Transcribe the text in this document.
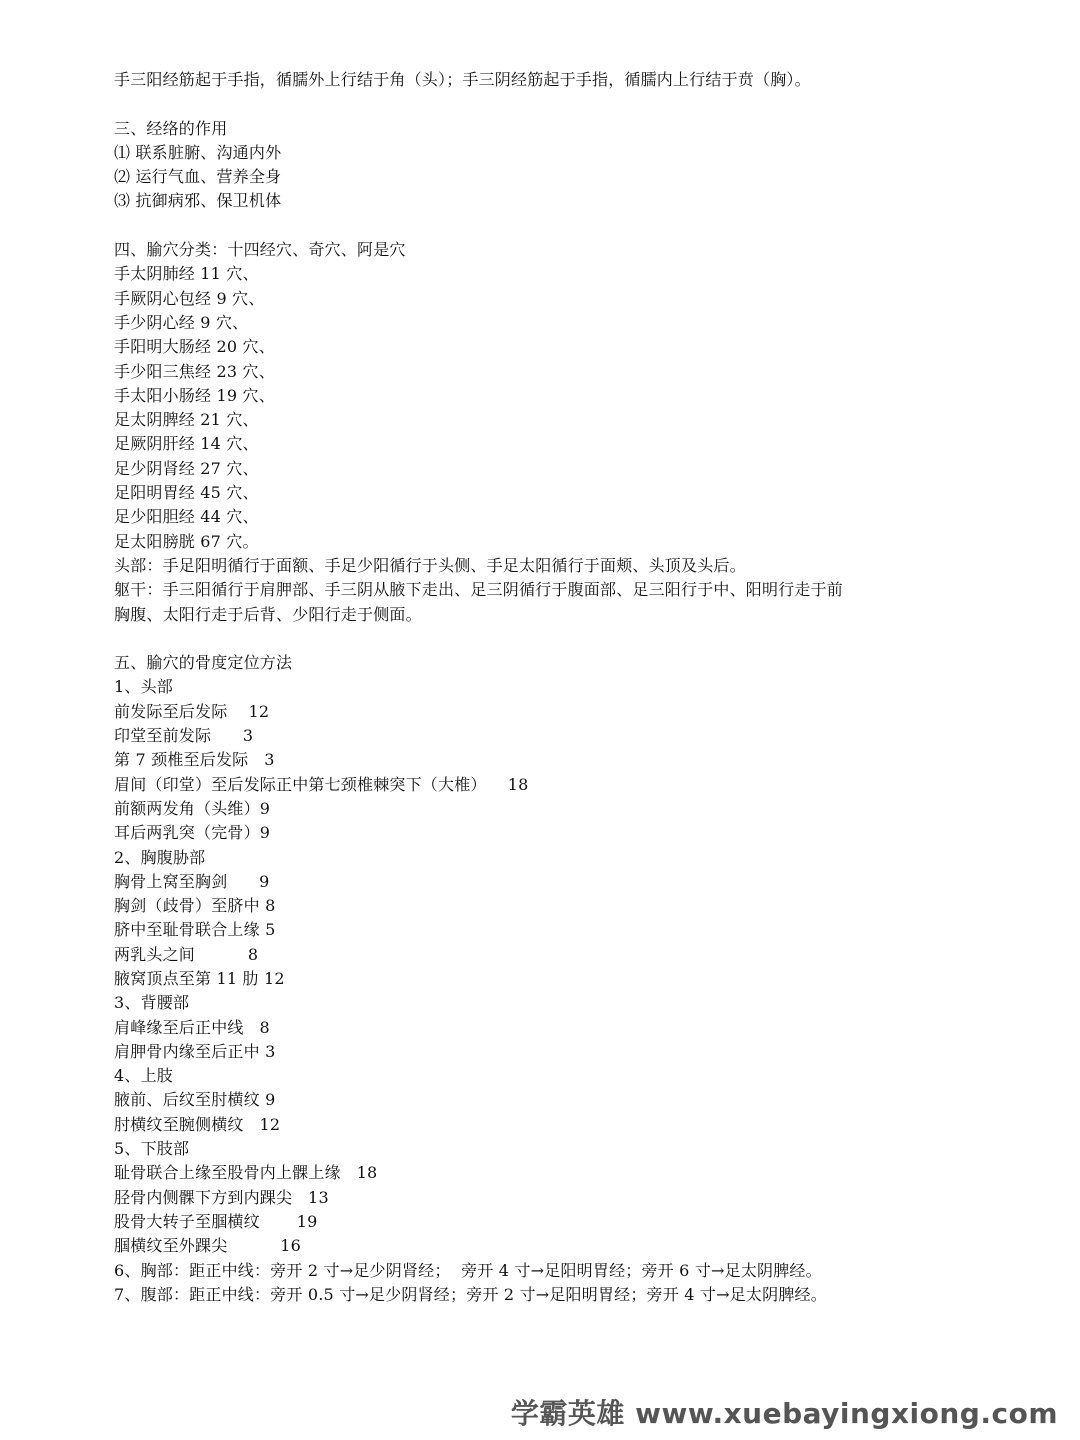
手三阳经筋起于手指，循臑外上行结于角（头）；手三阴经筋起于手指，循臑内上行结于贲（胸）。
三、经络的作用
⑴ 联系脏腑、沟通内外
⑵ 运行气血、营养全身
⑶ 抗御病邪、保卫机体
四、腧穴分类：十四经穴、奇穴、阿是穴
手太阴肺经 11 穴、
手厥阴心包经 9 穴、
手少阴心经 9 穴、
手阳明大肠经 20 穴、
手少阳三焦经 23 穴、
手太阳小肠经 19 穴、
足太阴脾经 21 穴、
足厥阴肝经 14 穴、
足少阴肾经 27 穴、
足阳明胃经 45 穴、
足少阳胆经 44 穴、
足太阳膀胱 67 穴。
头部：手足阳明循行于面额、手足少阳循行于头侧、手足太阳循行于面颊、头顶及头后。
躯干：手三阳循行于肩胛部、手三阴从腋下走出、足三阴循行于腹面部、足三阳行于中、阳明行走于前
胸腹、太阳行走于后背、少阳行走于侧面。
五、腧穴的骨度定位方法
1、头部
前发际至后发际    12
印堂至前发际      3
第 7 颈椎至后发际   3
眉间（印堂）至后发际正中第七颈椎棘突下（大椎）    18
前额两发角（头维）9
耳后两乳突（完骨）9
2、胸腹胁部
胸骨上窝至胸剑      9
胸剑（歧骨）至脐中 8
脐中至耻骨联合上缘 5
两乳头之间          8
腋窝顶点至第 11 肋 12
3、背腰部
肩峰缘至后正中线   8
肩胛骨内缘至后正中 3
4、上肢
腋前、后纹至肘横纹 9
肘横纹至腕侧横纹   12
5、下肢部
耻骨联合上缘至股骨内上髁上缘   18
胫骨内侧髁下方到内踝尖   13
股骨大转子至腘横纹       19
腘横纹至外踝尖          16
6、胸部：距正中线：旁开 2 寸→足少阴肾经；  旁开 4 寸→足阳明胃经；旁开 6 寸→足太阴脾经。
7、腹部：距正中线：旁开 0.5 寸→足少阴肾经；旁开 2 寸→足阳明胃经；旁开 4 寸→足太阴脾经。
学霸英雄 www.xuebayingxiong.com
